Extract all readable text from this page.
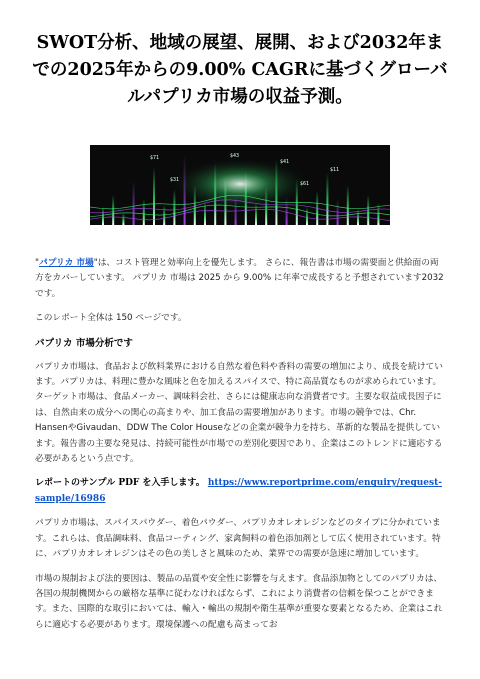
SWOT分析、地域の展望、展開、および2032年までの2025年からの9.00% CAGRに基づくグローバルパプリカ市場の収益予測。
$71	$43
$41
$31
$61
$11

"パプリカ 市場"は、コスト管理と効率向上を優先します。 さらに、報告書は市場の需要面と供給面の両方をカバーしています。 パプリカ 市場は 2025 から 9.00% に年率で成長すると予想されています2032 です。

このレポート全体は 150 ページです。

パプリカ 市場分析です

パプリカ市場は、食品および飲料業界における自然な着色料や香料の需要の増加により、成長を続けています。パプリカは、料理に豊かな風味と色を加えるスパイスで、特に高品質なものが求められています。ターゲット市場は、食品メーカー、調味料会社、さらには健康志向な消費者です。主要な収益成長因子には、自然由来の成分への関心の高まりや、加工食品の需要増加があります。市場の競争では、Chr. HansenやGivaudan、DDW The Color Houseなどの企業が競争力を持ち、革新的な製品を提供しています。報告書の主要な発見は、持続可能性が市場での差別化要因であり、企業はこのトレンドに適応する必要があるという点です。

レポートのサンプル PDF を入手します。 https://www.reportprime.com/enquiry/request-sample/16986

パプリカ市場は、スパイスパウダー、着色パウダー、パプリカオレオレジンなどのタイプに分かれています。これらは、食品調味料、食品コーティング、家禽飼料の着色添加剤として広く使用されています。特に、パプリカオレオレジンはその色の美しさと風味のため、業界での需要が急速に増加しています。

市場の規制および法的要因は、製品の品質や安全性に影響を与えます。食品添加物としてのパプリカは、各国の規制機関からの厳格な基準に従わなければならず、これにより消費者の信頼を保つことができます。また、国際的な取引においては、輸入・輸出の規制や衛生基準が重要な要素となるため、企業はこれらに適応する必要があります。環境保護への配慮も高まってお
